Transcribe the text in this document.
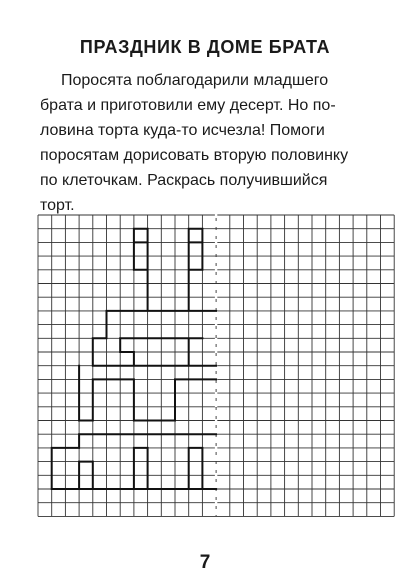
ПРАЗДНИК В ДОМЕ БРАТА
Поросята поблагодарили младшего
брата и приготовили ему десерт. Но по-
ловина торта куда-то исчезла! Помоги
поросятам дорисовать вторую половинку
по клеточкам. Раскрась получившийся
торт.
7
